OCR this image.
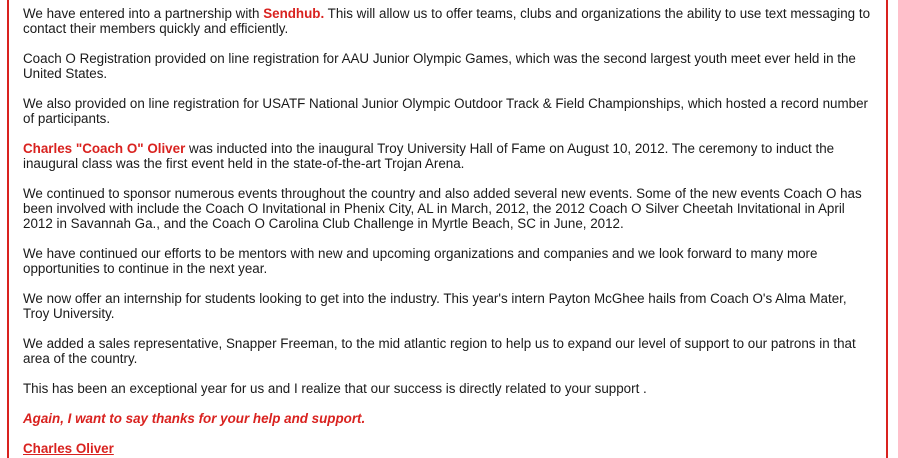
We have entered into a partnership with Sendhub. This will allow us to offer teams, clubs and organizations the ability to use text messaging to contact their members quickly and efficiently.

Coach O Registration provided on line registration for AAU Junior Olympic Games, which was the second largest youth meet ever held in the United States.

We also provided on line registration for USATF National Junior Olympic Outdoor Track & Field Championships, which hosted a record number of participants.

Charles "Coach O" Oliver was inducted into the inaugural Troy University Hall of Fame on August 10, 2012. The ceremony to induct the inaugural class was the first event held in the state-of-the-art Trojan Arena.

We continued to sponsor numerous events throughout the country and also added several new events. Some of the new events Coach O has been involved with include the Coach O Invitational in Phenix City, AL in March, 2012, the 2012 Coach O Silver Cheetah Invitational in April 2012 in Savannah Ga., and the Coach O Carolina Club Challenge in Myrtle Beach, SC in June, 2012.

We have continued our efforts to be mentors with new and upcoming organizations and companies and we look forward to many more opportunities to continue in the next year.

We now offer an internship for students looking to get into the industry. This year's intern Payton McGhee hails from Coach O's Alma Mater, Troy University.

We added a sales representative, Snapper Freeman, to the mid atlantic region to help us to expand our level of support to our patrons in that area of the country.

This has been an exceptional year for us and I realize that our success is directly related to your support .

Again, I want to say thanks for your help and support.

Charles Oliver
